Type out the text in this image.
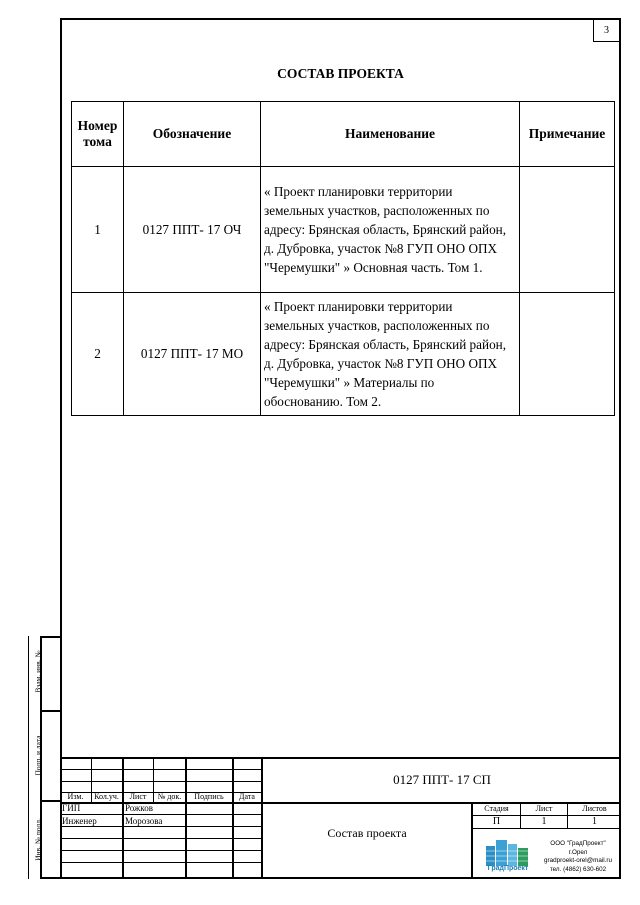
3
СОСТАВ ПРОЕКТА
Номер тома	Обозначение	Наименование	Примечание
1	0127 ППТ- 17 ОЧ	« Проект планировки территории земельных участков, расположенных по адресу: Брянская область, Брянский район, д. Дубровка, участок №8 ГУП ОНО ОПХ "Черемушки" » Основная часть. Том 1.	
2	0127 ППТ- 17 МО	« Проект планировки территории земельных участков, расположенных по адресу: Брянская область, Брянский район, д. Дубровка, участок №8 ГУП ОНО ОПХ "Черемушки" » Материалы по обоснованию. Том 2.	
Взам. инв. №
Подп. и дата
Инв. № подл.
Изм.	Кол.уч.	Лист	№ док.	Подпись	Дата
0127 ППТ- 17 СП
ГИП	Рожков
Инженер	Морозова
Состав проекта
Стадия	Лист	Листов
П	1	1
ГрадПроект
ООО "ГрадПроект"
г.Орел
gradproekt-orel@mail.ru
тел. (4862) 630-602
